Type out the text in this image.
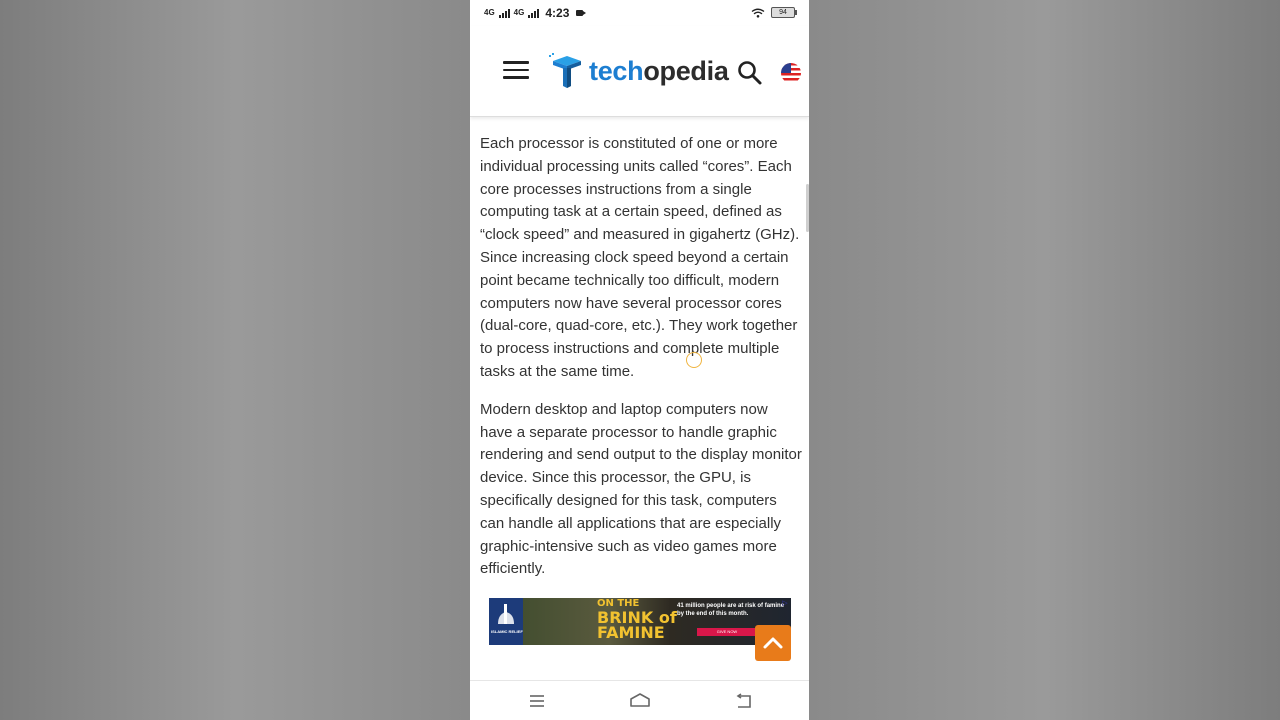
4G 4G 4:23	94
techopedia

Each processor is constituted of one or more individual processing units called “cores”. Each core processes instructions from a single computing task at a certain speed, defined as “clock speed” and measured in gigahertz (GHz). Since increasing clock speed beyond a certain point became technically too difficult, modern computers now have several processor cores (dual-core, quad-core, etc.). They work together to process instructions and complete multiple tasks at the same time.

Modern desktop and laptop computers now have a separate processor to handle graphic rendering and send output to the display monitor device. Since this processor, the GPU, is specifically designed for this task, computers can handle all applications that are especially graphic-intensive such as video games more efficiently.

ISLAMIC RELIEF
ON THE
BRINK of
FAMINE
41 million people are at risk of famine by the end of this month.
GIVE NOW
▷
